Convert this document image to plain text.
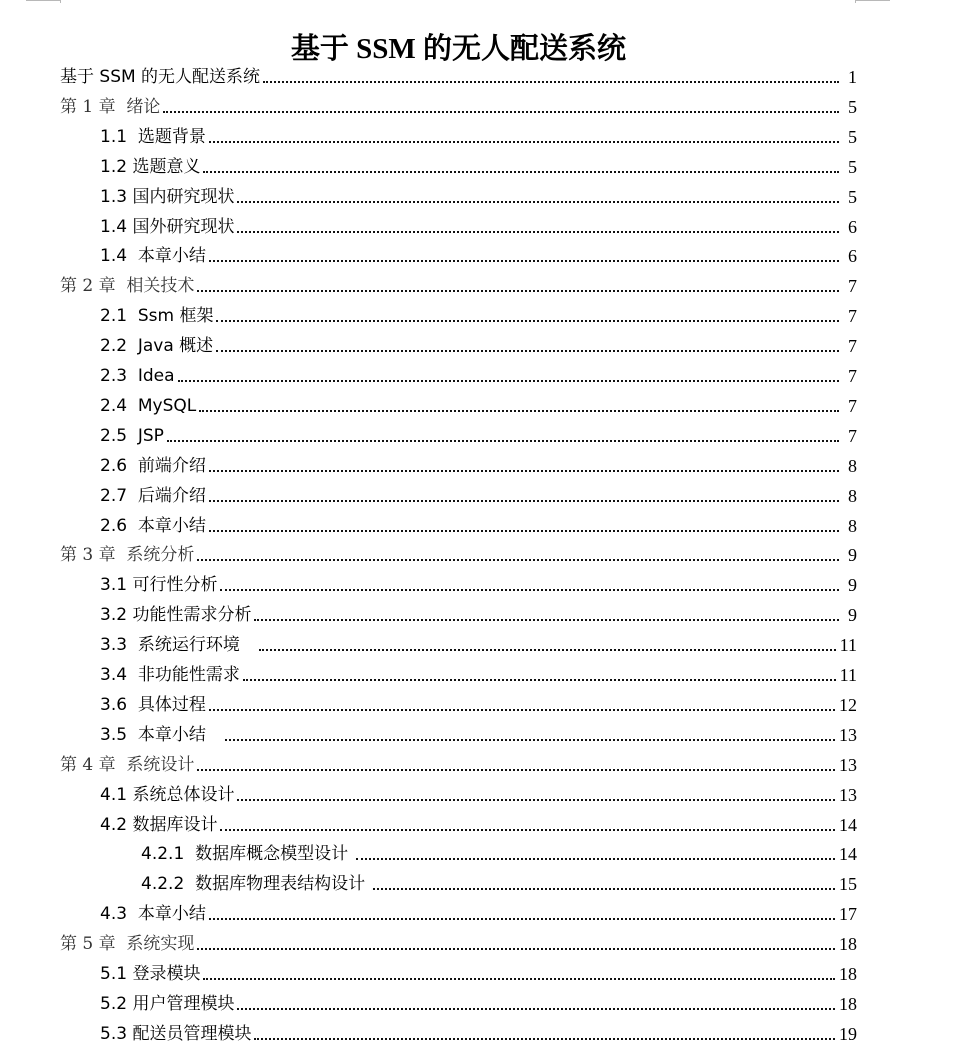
基于 SSM 的无人配送系统
基于 SSM 的无人配送系统	1
第 1 章  绪论	5
1.1  选题背景	5
1.2 选题意义	5
1.3 国内研究现状	5
1.4 国外研究现状	6
1.4  本章小结	6
第 2 章  相关技术	7
2.1  Ssm 框架	7
2.2  Java 概述	7
2.3  Idea	7
2.4  MySQL	7
2.5  JSP	7
2.6  前端介绍	8
2.7  后端介绍	8
2.6  本章小结	8
第 3 章  系统分析	9
3.1 可行性分析	9
3.2 功能性需求分析	9
3.3  系统运行环境	11
3.4  非功能性需求	11
3.6  具体过程	12
3.5  本章小结	13
第 4 章  系统设计	13
4.1 系统总体设计	13
4.2 数据库设计	14
4.2.1  数据库概念模型设计	14
4.2.2  数据库物理表结构设计	15
4.3  本章小结	17
第 5 章  系统实现	18
5.1 登录模块	18
5.2 用户管理模块	18
5.3 配送员管理模块	19
